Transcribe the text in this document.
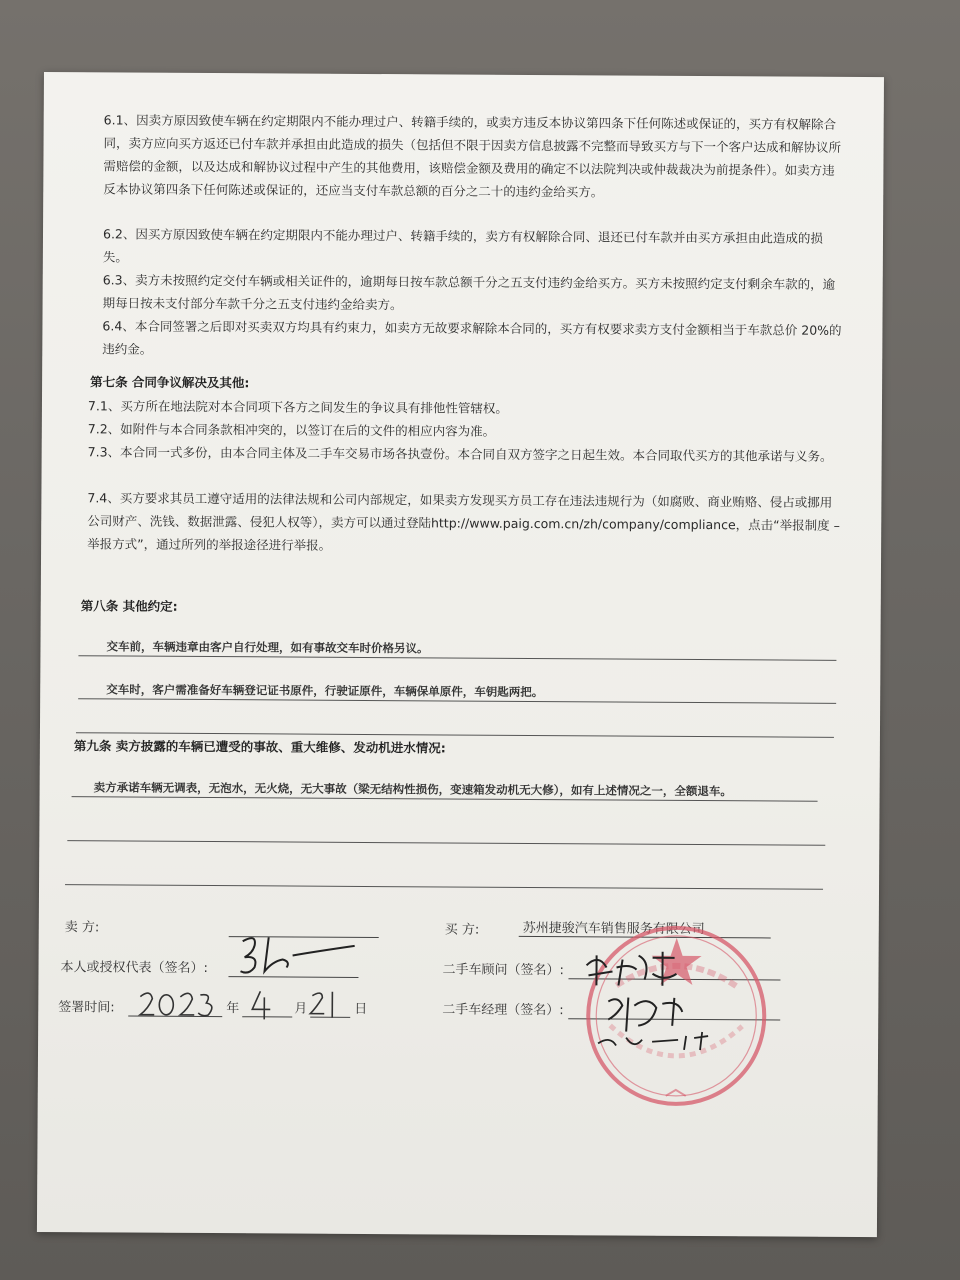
6.1、因卖方原因致使车辆在约定期限内不能办理过户、转籍手续的，或卖方违反本协议第四条下任何陈述或保证的，买方有权解除合同，卖方应向买方返还已付车款并承担由此造成的损失（包括但不限于因卖方信息披露不完整而导致买方与下一个客户达成和解协议所需赔偿的金额，以及达成和解协议过程中产生的其他费用，该赔偿金额及费用的确定不以法院判决或仲裁裁决为前提条件）。如卖方违反本协议第四条下任何陈述或保证的，还应当支付车款总额的百分之二十的违约金给买方。

6.2、因买方原因致使车辆在约定期限内不能办理过户、转籍手续的，卖方有权解除合同、退还已付车款并由买方承担由此造成的损失。

6.3、卖方未按照约定交付车辆或相关证件的，逾期每日按车款总额千分之五支付违约金给买方。买方未按照约定支付剩余车款的，逾期每日按未支付部分车款千分之五支付违约金给卖方。

6.4、本合同签署之后即对买卖双方均具有约束力，如卖方无故要求解除本合同的，买方有权要求卖方支付金额相当于车款总价 20%的违约金。

第七条 合同争议解决及其他:

7.1、买方所在地法院对本合同项下各方之间发生的争议具有排他性管辖权。

7.2、如附件与本合同条款相冲突的，以签订在后的文件的相应内容为准。

7.3、本合同一式多份，由本合同主体及二手车交易市场各执壹份。本合同自双方签字之日起生效。本合同取代买方的其他承诺与义务。

7.4、买方要求其员工遵守适用的法律法规和公司内部规定，如果卖方发现买方员工存在违法违规行为（如腐败、商业贿赂、侵占或挪用公司财产、洗钱、数据泄露、侵犯人权等），卖方可以通过登陆http://www.paig.com.cn/zh/company/compliance，点击“举报制度 – 举报方式”，通过所列的举报途径进行举报。

第八条 其他约定:
交车前，车辆违章由客户自行处理，如有事故交车时价格另议。
交车时，客户需准备好车辆登记证书原件，行驶证原件，车辆保单原件，车钥匙两把。
第九条 卖方披露的车辆已遭受的事故、重大维修、发动机进水情况:
卖方承诺车辆无调表，无泡水，无火烧，无大事故（梁无结构性损伤，变速箱发动机无大修），如有上述情况之一，全额退车。
卖 方:
本人或授权代表（签名）:
签署时间:	年	月	日
买 方:	苏州捷骏汽车销售服务有限公司
二手车顾问（签名）:
二手车经理（签名）:
